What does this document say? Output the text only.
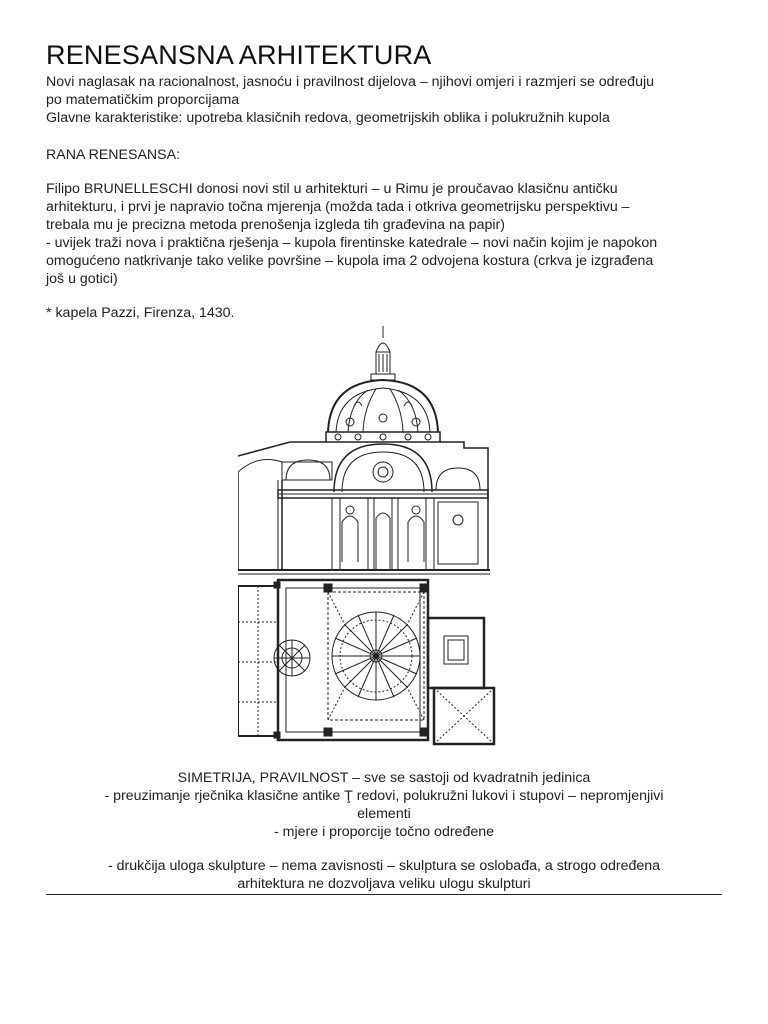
RENESANSNA ARHITEKTURA
Novi naglasak na racionalnost, jasnoću i pravilnost dijelova – njihovi omjeri i razmjeri se određuju
po matematičkim proporcijama
Glavne karakteristike: upotreba klasičnih redova, geometrijskih oblika i polukružnih kupola
RANA RENESANSA:
Filipo BRUNELLESCHI donosi novi stil u arhitekturi – u Rimu je proučavao klasičnu antičku
arhitekturu, i prvi je napravio točna mjerenja (možda tada i otkriva geometrijsku perspektivu –
trebala mu je precizna metoda prenošenja izgleda tih građevina na papir)
- uvijek traži nova i praktična rješenja – kupola firentinske katedrale – novi način kojim je napokon
omogućeno natkrivanje tako velike površine – kupola ima 2 odvojena kostura (crkva je izgrađena
još u gotici)
* kapela Pazzi, Firenza, 1430.
SIMETRIJA, PRAVILNOST – sve se sastoji od kvadratnih jedinica
- preuzimanje rječnika klasične antike Ţ redovi, polukružni lukovi i stupovi – nepromjenjivi
elementi
- mjere i proporcije točno određene
- drukčija uloga skulpture – nema zavisnosti – skulptura se oslobađa, a strogo određena
arhitektura ne dozvoljava veliku ulogu skulpturi
